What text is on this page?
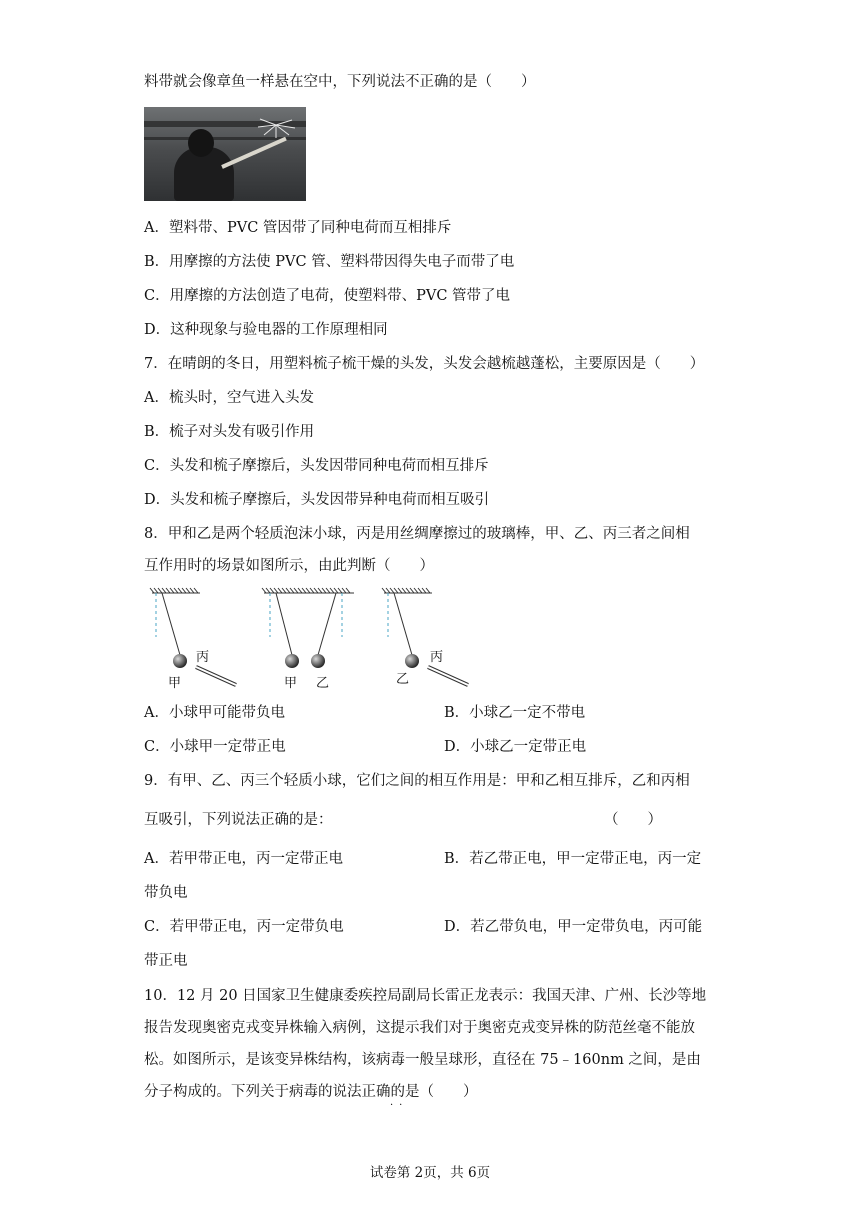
料带就会像章鱼一样悬在空中，下列说法不正确的是（　　）
A．塑料带、PVC 管因带了同种电荷而互相排斥
B．用摩擦的方法使 PVC 管、塑料带因得失电子而带了电
C．用摩擦的方法创造了电荷，使塑料带、PVC 管带了电
D．这种现象与验电器的工作原理相同
7．在晴朗的冬日，用塑料梳子梳干燥的头发，头发会越梳越蓬松，主要原因是（　　）
A．梳头时，空气进入头发
B．梳子对头发有吸引作用
C．头发和梳子摩擦后，头发因带同种电荷而相互排斥
D．头发和梳子摩擦后，头发因带异种电荷而相互吸引
8．甲和乙是两个轻质泡沫小球，丙是用丝绸摩擦过的玻璃棒，甲、乙、丙三者之间相
互作用时的场景如图所示，由此判断（　　）
丙
甲	甲 乙
丙
乙
A．小球甲可能带负电	B．小球乙一定不带电
C．小球甲一定带正电	D．小球乙一定带正电
9．有甲、乙、丙三个轻质小球，它们之间的相互作用是：甲和乙相互排斥，乙和丙相
互吸引，下列说法正确的是：	（　　）
A．若甲带正电，丙一定带正电	B．若乙带正电，甲一定带正电，丙一定
带负电
C．若甲带正电，丙一定带负电	D．若乙带负电，甲一定带负电，丙可能
带正电
10．12 月 20 日国家卫生健康委疾控局副局长雷正龙表示：我国天津、广州、长沙等地
报告发现奥密克戎变异株输入病例，这提示我们对于奥密克戎变异株的防范丝毫不能放
松。如图所示，是该变异株结构，该病毒一般呈球形，直径在 75﹣160nm 之间，是由
分子构成的。下列关于病毒的说法正确的是（　　）
··
试卷第 2页，共 6页
